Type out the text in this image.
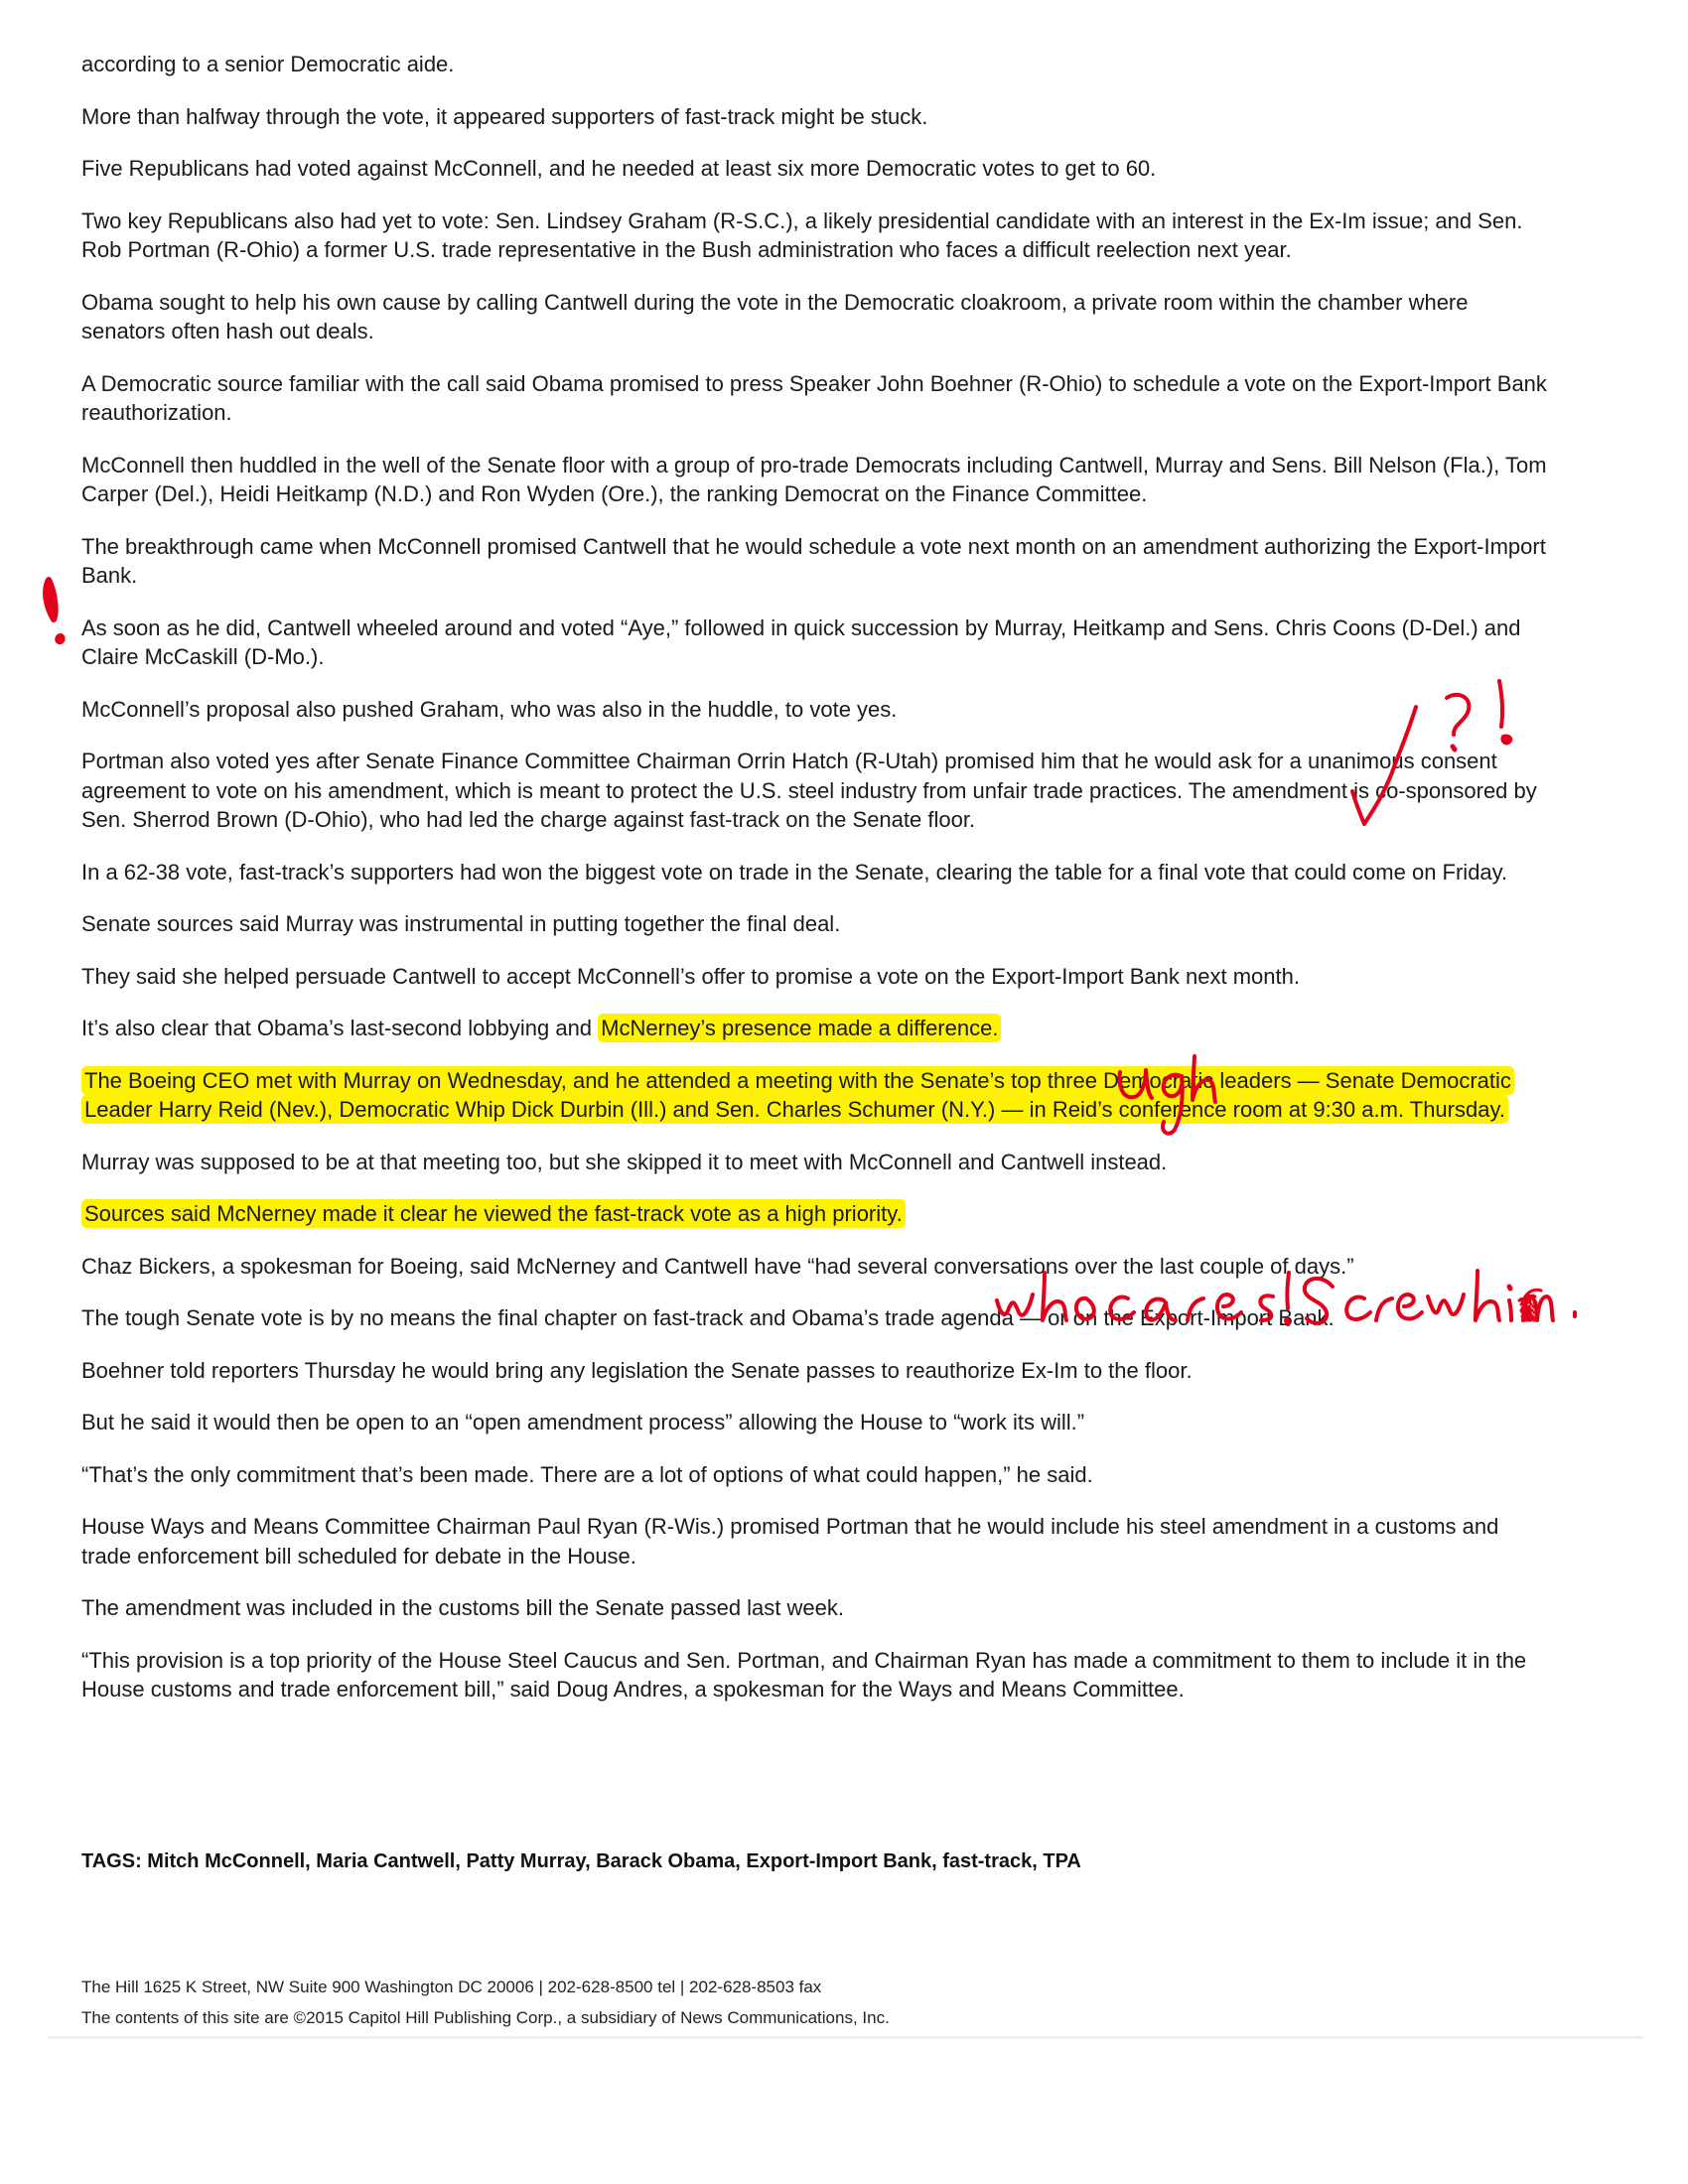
according to a senior Democratic aide.

More than halfway through the vote, it appeared supporters of fast-track might be stuck.

Five Republicans had voted against McConnell, and he needed at least six more Democratic votes to get to 60.

Two key Republicans also had yet to vote: Sen. Lindsey Graham (R-S.C.), a likely presidential candidate with an interest in the Ex-Im issue; and Sen. Rob Portman (R-Ohio) a former U.S. trade representative in the Bush administration who faces a difficult reelection next year.

Obama sought to help his own cause by calling Cantwell during the vote in the Democratic cloakroom, a private room within the chamber where senators often hash out deals.

A Democratic source familiar with the call said Obama promised to press Speaker John Boehner (R-Ohio) to schedule a vote on the Export-Import Bank reauthorization.

McConnell then huddled in the well of the Senate floor with a group of pro-trade Democrats including Cantwell, Murray and Sens. Bill Nelson (Fla.), Tom Carper (Del.), Heidi Heitkamp (N.D.) and Ron Wyden (Ore.), the ranking Democrat on the Finance Committee.

The breakthrough came when McConnell promised Cantwell that he would schedule a vote next month on an amendment authorizing the Export-Import Bank.

As soon as he did, Cantwell wheeled around and voted “Aye,” followed in quick succession by Murray, Heitkamp and Sens. Chris Coons (D-Del.) and Claire McCaskill (D-Mo.).

McConnell’s proposal also pushed Graham, who was also in the huddle, to vote yes.

Portman also voted yes after Senate Finance Committee Chairman Orrin Hatch (R-Utah) promised him that he would ask for a unanimous consent agreement to vote on his amendment, which is meant to protect the U.S. steel industry from unfair trade practices. The amendment is co-sponsored by Sen. Sherrod Brown (D-Ohio), who had led the charge against fast-track on the Senate floor.

In a 62-38 vote, fast-track’s supporters had won the biggest vote on trade in the Senate, clearing the table for a final vote that could come on Friday.

Senate sources said Murray was instrumental in putting together the final deal.

They said she helped persuade Cantwell to accept McConnell’s offer to promise a vote on the Export-Import Bank next month.

It’s also clear that Obama’s last-second lobbying and McNerney’s presence made a difference.

The Boeing CEO met with Murray on Wednesday, and he attended a meeting with the Senate’s top three Democratic leaders — Senate Democratic Leader Harry Reid (Nev.), Democratic Whip Dick Durbin (Ill.) and Sen. Charles Schumer (N.Y.) — in Reid’s conference room at 9:30 a.m. Thursday.

Murray was supposed to be at that meeting too, but she skipped it to meet with McConnell and Cantwell instead.

Sources said McNerney made it clear he viewed the fast-track vote as a high priority.

Chaz Bickers, a spokesman for Boeing, said McNerney and Cantwell have “had several conversations over the last couple of days.”

The tough Senate vote is by no means the final chapter on fast-track and Obama’s trade agenda — or on the Export-Import Bank.

Boehner told reporters Thursday he would bring any legislation the Senate passes to reauthorize Ex-Im to the floor.

But he said it would then be open to an “open amendment process” allowing the House to “work its will.”

“That’s the only commitment that’s been made. There are a lot of options of what could happen,” he said.

House Ways and Means Committee Chairman Paul Ryan (R-Wis.) promised Portman that he would include his steel amendment in a customs and trade enforcement bill scheduled for debate in the House.

The amendment was included in the customs bill the Senate passed last week.

“This provision is a top priority of the House Steel Caucus and Sen. Portman, and Chairman Ryan has made a commitment to them to include it in the House customs and trade enforcement bill,” said Doug Andres, a spokesman for the Ways and Means Committee.

TAGS: Mitch McConnell, Maria Cantwell, Patty Murray, Barack Obama, Export-Import Bank, fast-track, TPA
The Hill 1625 K Street, NW Suite 900 Washington DC 20006 | 202-628-8500 tel | 202-628-8503 fax
The contents of this site are ©2015 Capitol Hill Publishing Corp., a subsidiary of News Communications, Inc.
